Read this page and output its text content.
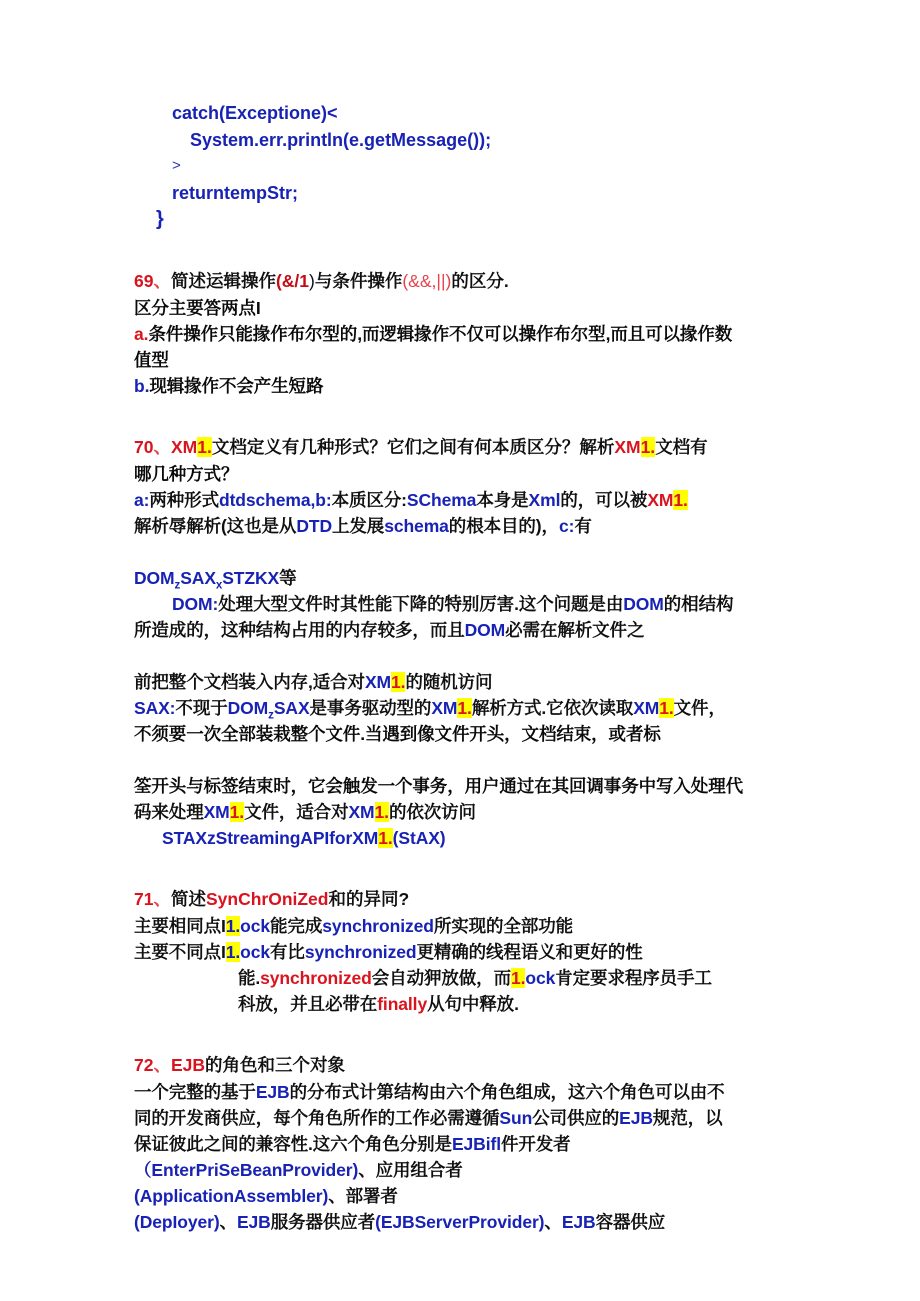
catch(Exceptione)<
System.err.println(e.getMessage());
>
returntempStr;
}
69、简述运辑操作(&/1)与条件操作(&&,||)的区分.
区分主要答两点I
a.条件操作只能掾作布尔型的,而逻辑掾作不仅可以操作布尔型,而且可以掾作数
值型
b.现辑掾作不会产生短路
70、XM1.文档定义有几种形式？它们之间有何本质区分？解析XM1.文档有
哪几种方式？
a:两种形式dtdschema,b:本质区分:SChema本身是Xml的，可以被XM1.
解析辱解析(这也是从DTD上发展schema的根本目的)，c:有
$DOM_zSAX_xSTZKX$等
DOM:处理大型文件时其性能下降的特别厉害.这个问题是由DOM的相结构
所造成的，这种结构占用的内存较多，而且DOM必需在解析文件之
前把整个文档装入内存,适合对XM1.的随机访问
SAX:不现于$DOM_zSAX$是事务驱动型的XM1.解析方式.它依次读取XM1.文件，
不须要一次全部装栽整个文件.当遇到像文件开头，文档结束，或者标
筌开头与标签结束时，它会触发一个事务，用户通过在其回调事务中写入处理代
码来处理XM1.文件，适合对XM1.的依次访问
STAXzStreamingAPIforXM1.(StAX)
71、简述SynChrOniZed和的异同?
主要相同点I1.ock能完成synchronized所实现的全部功能
主要不同点I1.ock有比synchronized更精确的线程语义和更好的性
能.synchronized会自动狎放做，而1.ock肯定要求程序员手工
科放，并且必带在finally从句中释放.
72、EJB的角色和三个对象
一个完整的基于EJB的分布式计第结构由六个角色组成，这六个角色可以由不
同的开发商供应，每个角色所作的工作必需遵循Sun公司供应的EJB规范，以
保证彼此之间的兼容性.这六个角色分别是EJBifl件开发者
（EnterPriSeBeanProvider)、应用组合者
(ApplicationAssembler)、部署者
(DepIoyer)、EJB服务器供应者(EJBServerProvider)、EJB容器供应
